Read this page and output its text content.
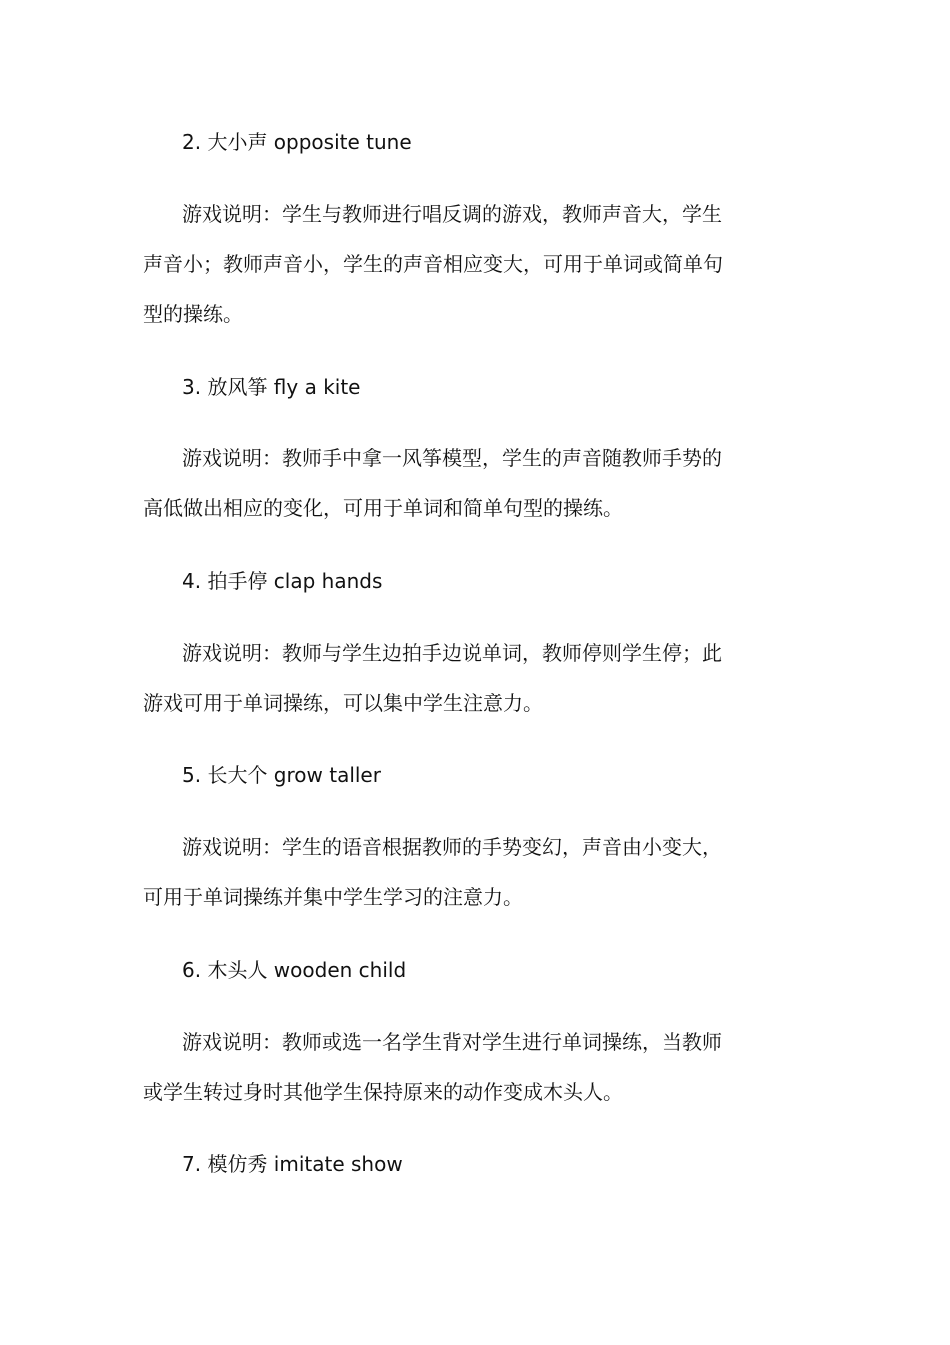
2. 大小声 opposite tune
游戏说明：学生与教师进行唱反调的游戏，教师声音大，学生
声音小；教师声音小，学生的声音相应变大，可用于单词或简单句
型的操练。
3. 放风筝 fly a kite
游戏说明：教师手中拿一风筝模型，学生的声音随教师手势的
高低做出相应的变化，可用于单词和简单句型的操练。
4. 拍手停 clap hands
游戏说明：教师与学生边拍手边说单词，教师停则学生停；此
游戏可用于单词操练，可以集中学生注意力。
5. 长大个 grow taller
游戏说明：学生的语音根据教师的手势变幻，声音由小变大，
可用于单词操练并集中学生学习的注意力。
6. 木头人 wooden child
游戏说明：教师或选一名学生背对学生进行单词操练，当教师
或学生转过身时其他学生保持原来的动作变成木头人。
7. 模仿秀 imitate show
